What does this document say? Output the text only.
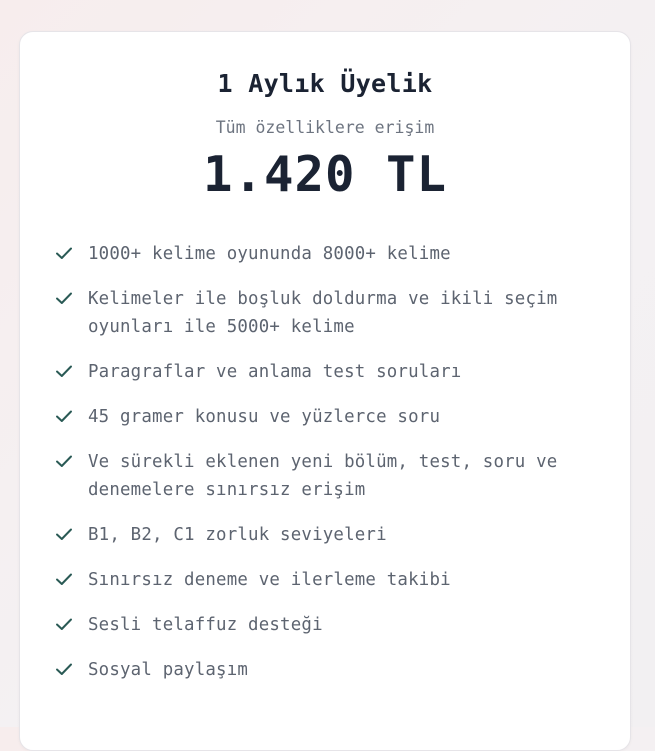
1 Aylık Üyelik
Tüm özelliklere erişim
1.420 TL
1000+ kelime oyununda 8000+ kelime
Kelimeler ile boşluk doldurma ve ikili seçim oyunları ile 5000+ kelime
Paragraflar ve anlama test soruları
45 gramer konusu ve yüzlerce soru
Ve sürekli eklenen yeni bölüm, test, soru ve denemelere sınırsız erişim
B1, B2, C1 zorluk seviyeleri
Sınırsız deneme ve ilerleme takibi
Sesli telaffuz desteği
Sosyal paylaşım
